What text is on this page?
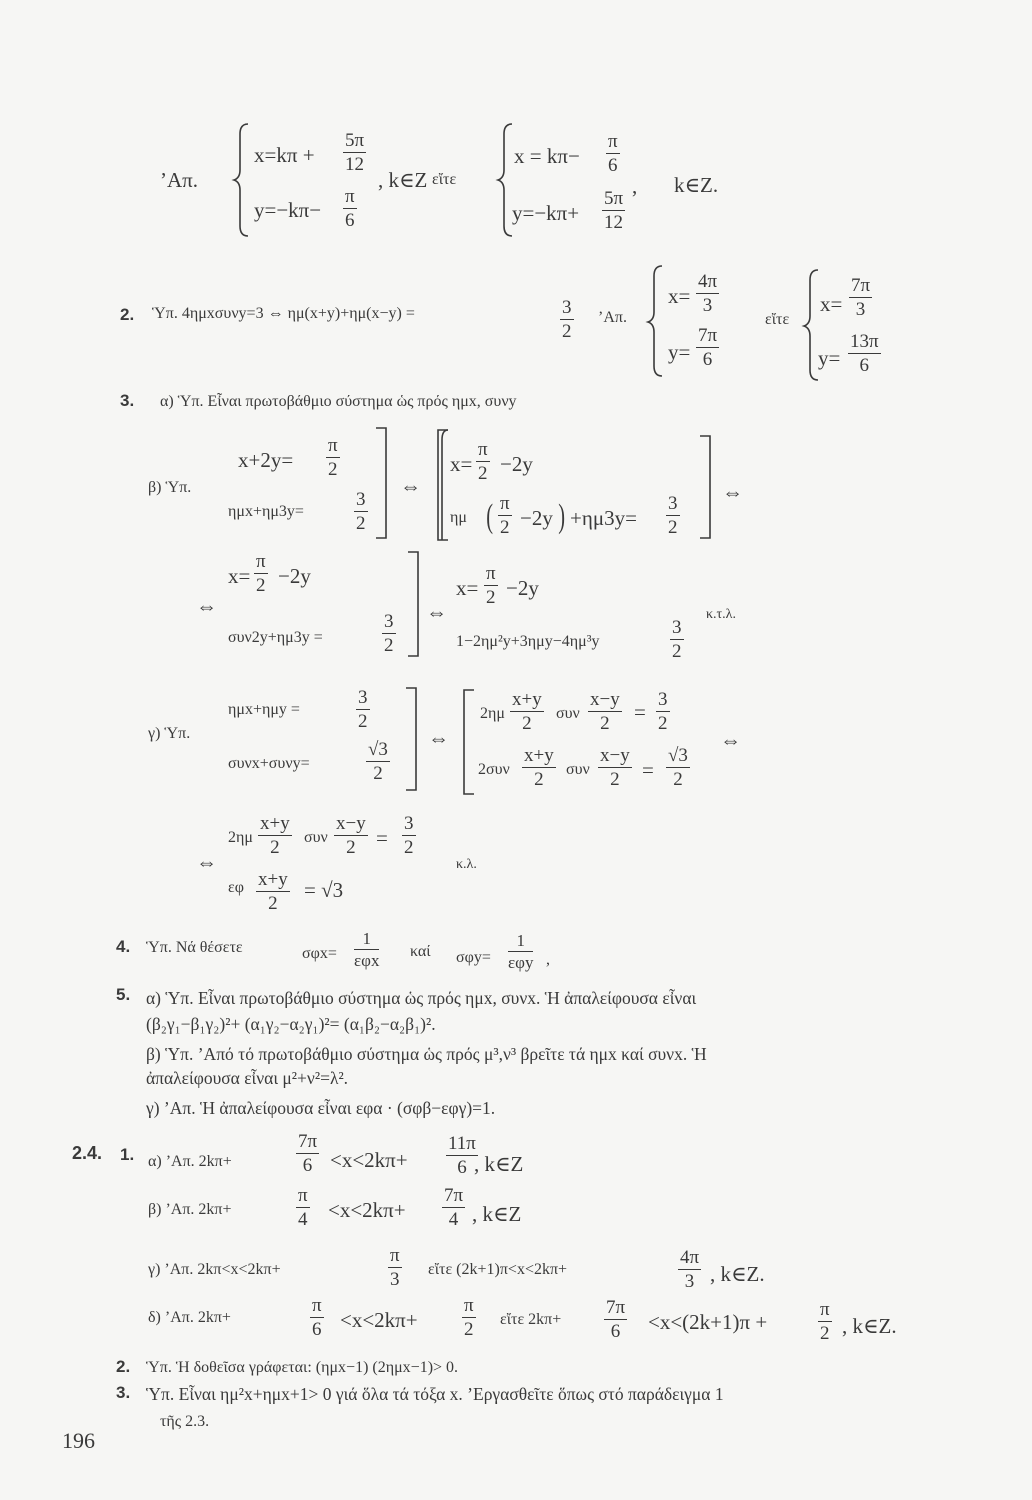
’Απ.
$x=k\pi + \frac{5\pi}{12}$
$y=-k\pi- \frac{\pi}{6}$
, k∈Z εἴτε
$x = k\pi- \frac{\pi}{6}$
,
$y=-k\pi+ \frac{5\pi}{12}$
k∈Z.
2. Ὑπ. 4ημxσυνy=3 ⇔ ημ(x+y)+ημ(x−y) =	$\frac{3}{2}$ ’Απ.
$x= \frac{4\pi}{3}$
$y= \frac{7\pi}{6}$
εἴτε
$x= \frac{7\pi}{3}$
$y= \frac{13\pi}{6}$
3. α) Ὑπ. Εἶναι πρωτοβάθμιο σύστημα ὡς πρός ημx, συνy
β) Ὑπ.
$x+2y= \frac{\pi}{2}$
ημx+ημ3y=	$\frac{3}{2}$
⇔
$x= \frac{\pi}{2} -2y$
ημ ( $\frac{\pi}{2} -2y$ ) $+\eta\mu 3y= \frac{3}{2}$
⇔
$x= \frac{\pi}{2} -2y$
⇔
συν2y+ημ3y =	$\frac{3}{2}$ ⇔
$x= \frac{\pi}{2} -2y$
1−2ημ²y+3ημy−4ημ³y	$\frac{3}{2}$
κ.τ.λ.
ημx+ημy =	$\frac{3}{2}$
γ) Ὑπ.
συνx+συνy=	$\frac{√3}{2}$
⇔
$2\eta\mu \frac{x+y}{2}$ συν $\frac{x-y}{2} = \frac{3}{2}$
$2\sigma\upsilon\nu \frac{x+y}{2}$ συν $\frac{x-y}{2} = \frac{√3}{2}$
⇔
$2\eta\mu \frac{x+y}{2}$ συν $\frac{x-y}{2} = \frac{3}{2}$
⇔	κ.λ.
εφ $\frac{x+y}{2} = √3$
4. Ὑπ. Νά θέσετε	σφx=
1
εφx καί σφy=
1
εφy ,
5. α) Ὑπ. Εἶναι πρωτοβάθμιο σύστημα ὡς πρός ημx, συνx. Ἡ ἀπαλείφουσα εἶναι
(β₂γ₁−β₁γ₂)²+ (α₁γ₂−α₂γ₁)²= (α₁β₂−α₂β₁)².
β) Ὑπ. ’Από τό πρωτοβάθμιο σύστημα ὡς πρός μ³,ν³ βρεῖτε τά ημx καί συνx. Ἡ
ἀπαλείφουσα εἶναι μ²+ν²=λ².
γ) ’Απ. Ἡ ἀπαλείφουσα εἶναι εφα · (σφβ−εφγ)=1.
2.4. 1. α) ’Απ. 2kπ+	$\frac{7\pi}{6} <x<2k\pi+ \frac{11\pi}{6}$
, k∈Z
β) ’Απ. 2kπ+	$\frac{\pi}{4} <x<2k\pi+ \frac{7\pi}{4}$ , k∈Z
γ) ’Απ. 2kπ<x<2kπ+	$\frac{\pi}{3}$ εἴτε (2k+1)π<x<2kπ+	$\frac{4\pi}{3}$ , k∈Z.
δ) ’Απ. 2kπ+	$\frac{\pi}{6} <x<2k\pi+ \frac{\pi}{2}$ εἴτε $2k\pi+ \frac{7\pi}{6} <x<(2k+1)\pi$ +	$\frac{\pi}{2}$ , k∈Z.
2. Ὑπ. Ἡ δοθεῖσα γράφεται: (ημx−1) (2ημx−1)> 0.
3. Ὑπ. Εἶναι ημ²x+ημx+1> 0 γιά ὅλα τά τόξα x. ’Εργασθεῖτε ὅπως στό παράδειγμα 1
τῆς 2.3.
196
